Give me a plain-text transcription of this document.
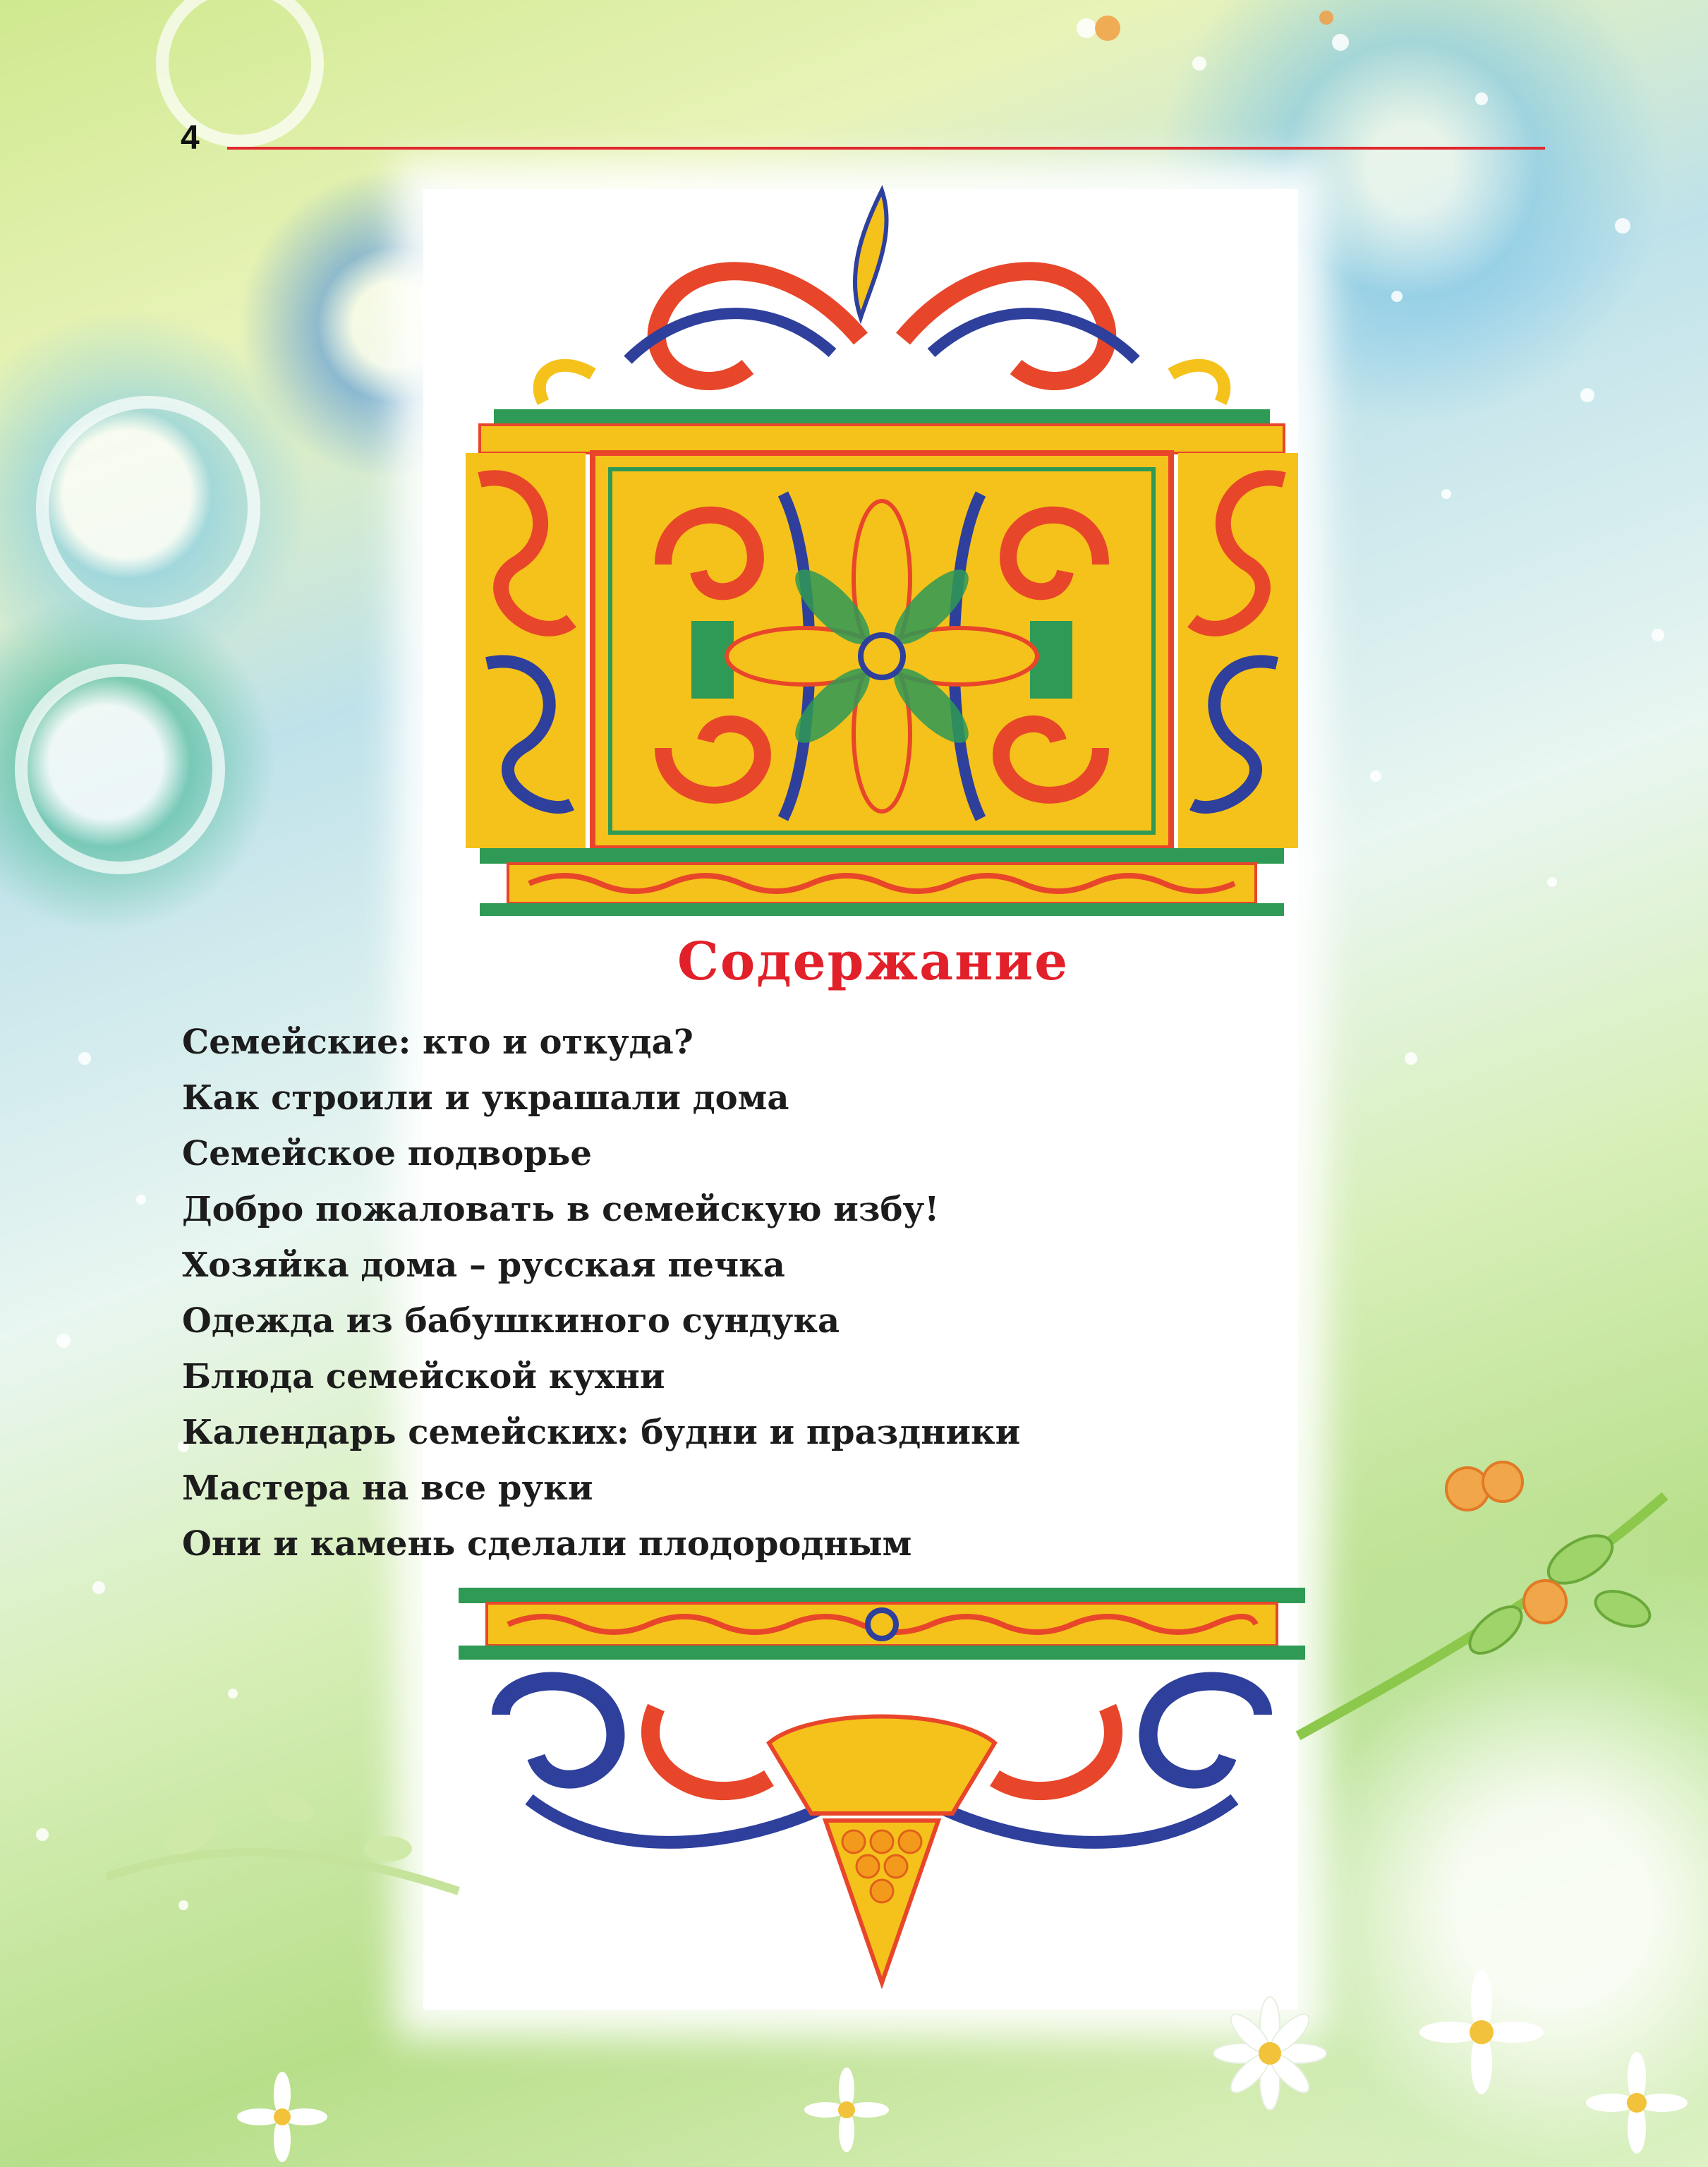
4
Содержание
Семейские: кто и откуда?
Как строили и украшали дома
Семейское подворье
Добро пожаловать в семейскую избу!
Хозяйка дома – русская печка
Одежда из бабушкиного сундука
Блюда семейской кухни
Календарь семейских: будни и праздники
Мастера на все руки
Они и камень сделали плодородным
